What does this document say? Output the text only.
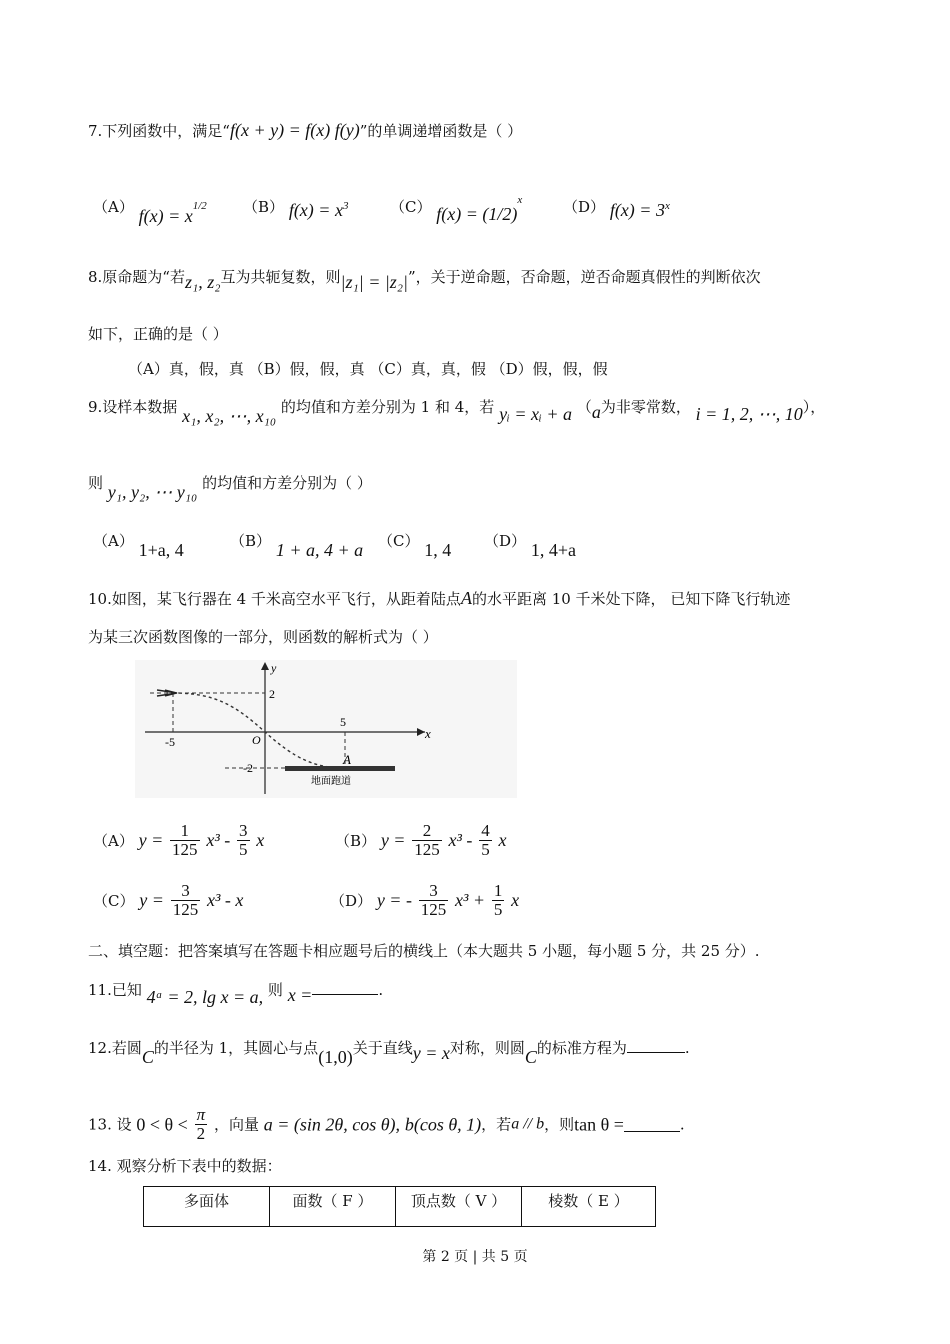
7.下列函数中，满足“f(x + y) = f(x) f(y)”的单调递增函数是（ ）
（A） $f(x) = x^{1/2}$ （B） $f(x) = x^3$	（C） $f(x) = (1/2)^x$	（D） $f(x) = 3^x$
8.原命题为“若z₁, z₂互为共轭复数，则|z₁| = |z₂|”，关于逆命题，否命题，逆否命题真假性的判断依次
如下，正确的是（ ）
（A）真，假，真 （B）假，假，真 （C）真，真，假 （D）假，假，假
9.设样本数据 x₁, x₂, ⋯, x₁₀ 的均值和方差分别为 1 和 4，若 yᵢ = xᵢ + a （a为非零常数， i = 1, 2, ⋯, 10），
则 y₁, y₂, ⋯ y₁₀ 的均值和方差分别为（ ）
（A） 1+a, 4	（B） 1 + a, 4 + a （C） 1, 4 （D） 1, 4+a
10.如图，某飞行器在 4 千米高空水平飞行，从距着陆点A的水平距离 10 千米处下降， 已知下降飞行轨迹
为某三次函数图像的一部分，则函数的解析式为（ ）
y
x
O
2
-2
-5
5
A
地面跑道
（A） $y = \frac{1}{125} x^3 - \frac{3}{5}$ x	（B） $y = \frac{2}{125} x^3 - \frac{4}{5}$ x
（C） $y = \frac{3}{125} x^3 - x$	（D） y = - $\frac{3}{125} x^3 + \frac{1}{5}$ x
二、填空题：把答案填写在答题卡相应题号后的横线上（本大题共 5 小题，每小题 5 分，共 25 分）.
11.已知 4ᵃ = 2, lg x = a, 则 x =	.
12.若圆C的半径为 1，其圆心与点(1,0)关于直线y = x对称，则圆C的标准方程为	.
13. 设 $0 < \theta < \frac{\pi}{2}$ ，向量 a = (sin 2θ, cos θ), b(cos θ, 1)，若a // b，则tan θ =	.
14. 观察分析下表中的数据：
多面体	面数（ F ）	顶点数（ V ）	棱数（ E ）
第 2 页 | 共 5 页
